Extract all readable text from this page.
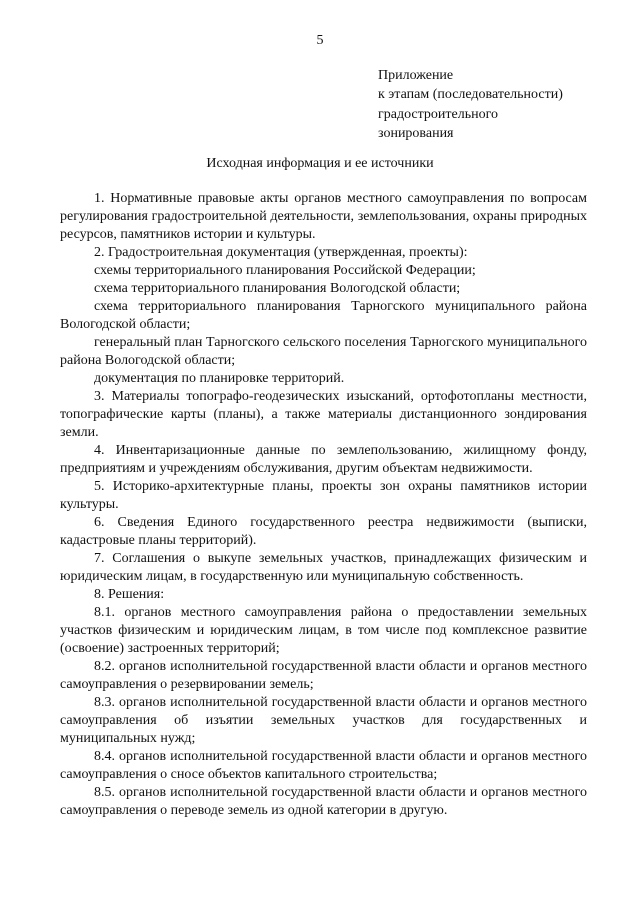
5
Приложение
к этапам (последовательности)
градостроительного
зонирования
Исходная информация и ее источники

1. Нормативные правовые акты органов местного самоуправления по вопросам регулирования градостроительной деятельности, землепользования, охраны природных ресурсов, памятников истории и культуры.

2. Градостроительная документация (утвержденная, проекты):

схемы территориального планирования Российской Федерации;

схема территориального планирования Вологодской области;

схема территориального планирования Тарногского муниципального района Вологодской области;

генеральный план Тарногского сельского поселения Тарногского муниципального района Вологодской области;

документация по планировке территорий.

3. Материалы топографо-геодезических изысканий, ортофотопланы местности, топографические карты (планы), а также материалы дистанционного зондирования земли.

4. Инвентаризационные данные по землепользованию, жилищному фонду, предприятиям и учреждениям обслуживания, другим объектам недвижимости.

5. Историко-архитектурные планы, проекты зон охраны памятников истории культуры.

6. Сведения Единого государственного реестра недвижимости (выписки, кадастровые планы территорий).

7. Соглашения о выкупе земельных участков, принадлежащих физическим и юридическим лицам, в государственную или муниципальную собственность.

8. Решения:

8.1. органов местного самоуправления района о предоставлении земельных участков физическим и юридическим лицам, в том числе под комплексное развитие (освоение) застроенных территорий;

8.2. органов исполнительной государственной власти области и органов местного самоуправления о резервировании земель;

8.3. органов исполнительной государственной власти области и органов местного самоуправления об изъятии земельных участков для государственных и муниципальных нужд;

8.4. органов исполнительной государственной власти области и органов местного самоуправления о сносе объектов капитального строительства;

8.5. органов исполнительной государственной власти области и органов местного самоуправления о переводе земель из одной категории в другую.
